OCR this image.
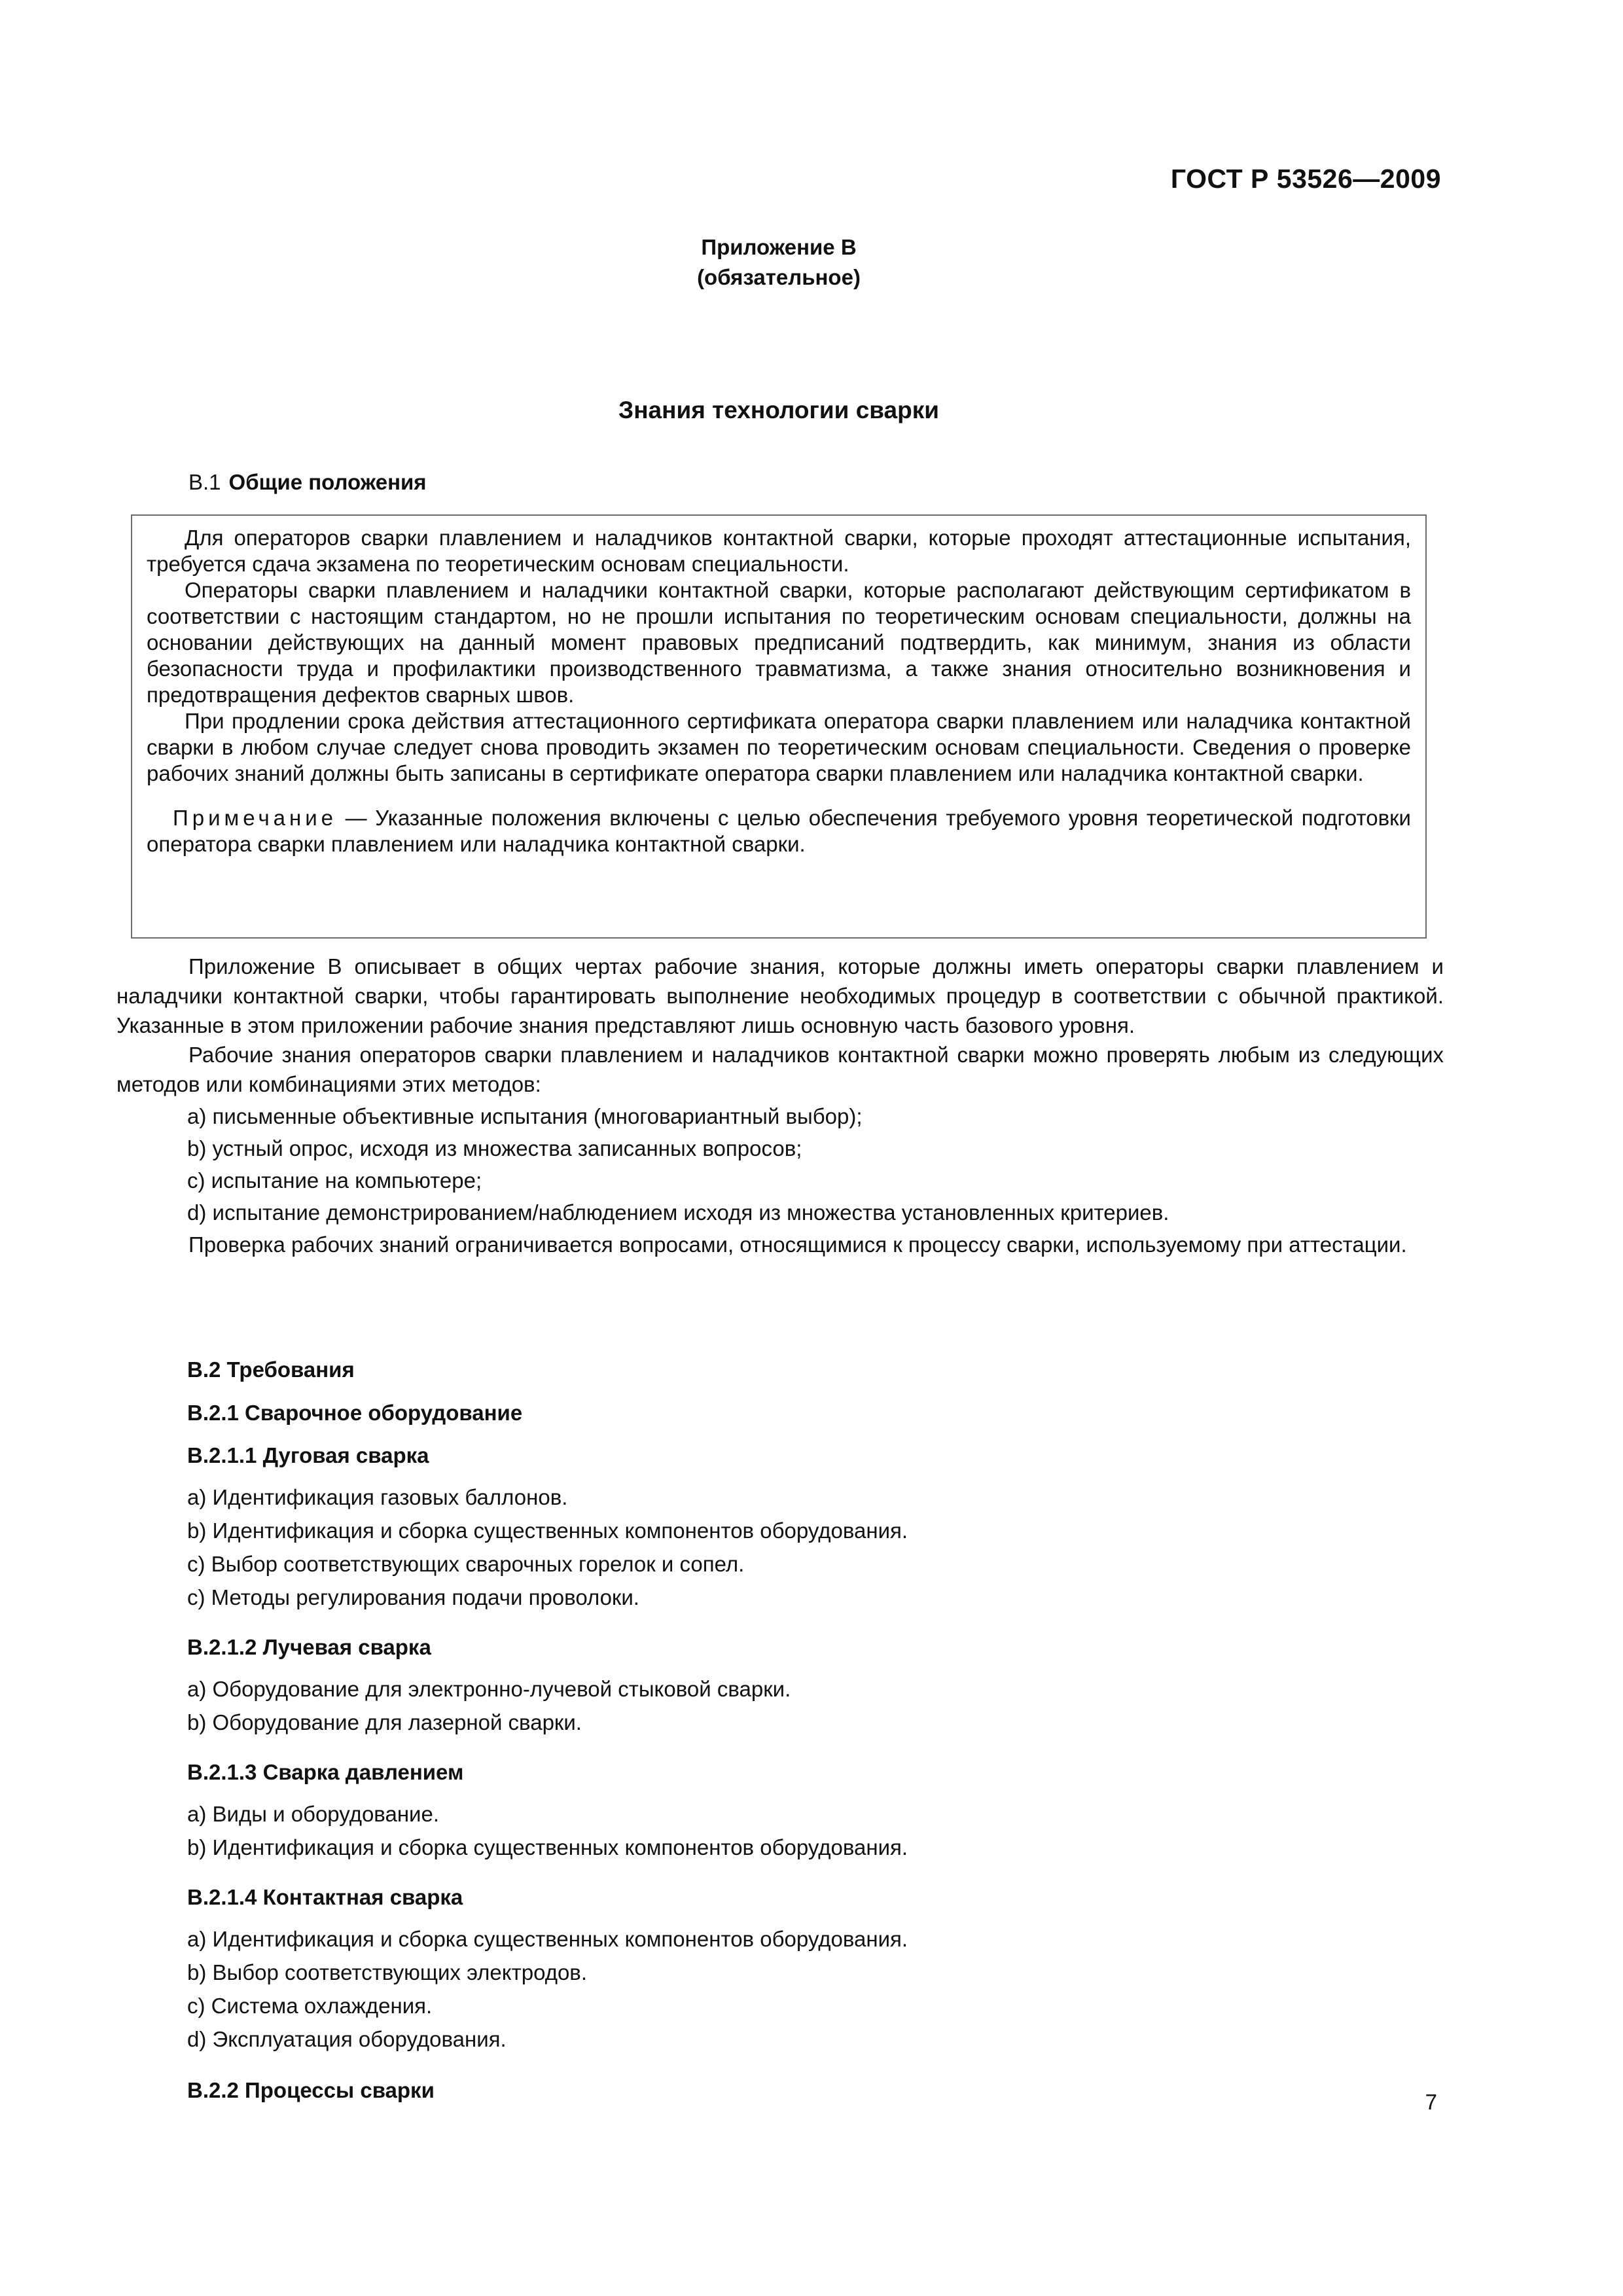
ГОСТ Р 53526—2009
Приложение В
(обязательное)
Знания технологии сварки
В.1 Общие положения

Для операторов сварки плавлением и наладчиков контактной сварки, которые проходят аттестационные испытания, требуется сдача экзамена по теоретическим основам специальности.

Операторы сварки плавлением и наладчики контактной сварки, которые располагают действующим сертификатом в соответствии с настоящим стандартом, но не прошли испытания по теоретическим основам специальности, должны на основании действующих на данный момент правовых предписаний подтвердить, как минимум, знания из области безопасности труда и профилактики производственного травматизма, а также знания относительно возникновения и предотвращения дефектов сварных швов.

При продлении срока действия аттестационного сертификата оператора сварки плавлением или наладчика контактной сварки в любом случае следует снова проводить экзамен по теоретическим основам специальности. Сведения о проверке рабочих знаний должны быть записаны в сертификате оператора сварки плавлением или наладчика контактной сварки.

Примечание — Указанные положения включены с целью обеспечения требуемого уровня теоретической подготовки оператора сварки плавлением или наладчика контактной сварки.

Приложение В описывает в общих чертах рабочие знания, которые должны иметь операторы сварки плавлением и наладчики контактной сварки, чтобы гарантировать выполнение необходимых процедур в соответствии с обычной практикой. Указанные в этом приложении рабочие знания представляют лишь основную часть базового уровня.

Рабочие знания операторов сварки плавлением и наладчиков контактной сварки можно проверять любым из следующих методов или комбинациями этих методов:

a) письменные объективные испытания (многовариантный выбор);

b) устный опрос, исходя из множества записанных вопросов;

c) испытание на компьютере;

d) испытание демонстрированием/наблюдением исходя из множества установленных критериев.

Проверка рабочих знаний ограничивается вопросами, относящимися к процессу сварки, используемому при аттестации.

В.2 Требования

В.2.1 Сварочное оборудование

В.2.1.1 Дуговая сварка

a) Идентификация газовых баллонов.

b) Идентификация и сборка существенных компонентов оборудования.

c) Выбор соответствующих сварочных горелок и сопел.

c) Методы регулирования подачи проволоки.

В.2.1.2 Лучевая сварка

a) Оборудование для электронно-лучевой стыковой сварки.

b) Оборудование для лазерной сварки.

В.2.1.3 Сварка давлением

a) Виды и оборудование.

b) Идентификация и сборка существенных компонентов оборудования.

В.2.1.4 Контактная сварка

a) Идентификация и сборка существенных компонентов оборудования.

b) Выбор соответствующих электродов.

c) Система охлаждения.

d) Эксплуатация оборудования.

В.2.2 Процессы сварки	7
